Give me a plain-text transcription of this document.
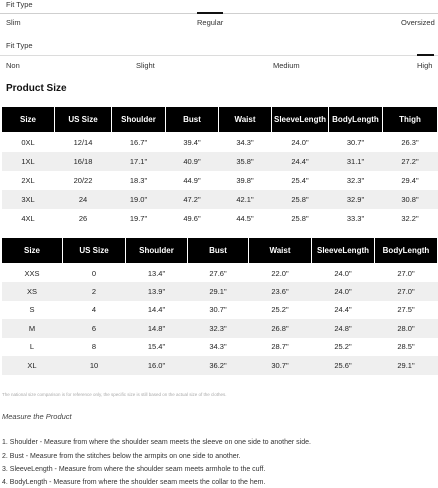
Fit Type
Slim	Regular	Oversized
Fit Type
Non	Slight	Medium	High
Product Size
Size	US Size	Shoulder	Bust	Waist	SleeveLength	BodyLength	Thigh
0XL	12/14	16.7"	39.4"	34.3"	24.0"	30.7"	26.3"
1XL	16/18	17.1"	40.9"	35.8"	24.4"	31.1"	27.2"
2XL	20/22	18.3"	44.9"	39.8"	25.4"	32.3"	29.4"
3XL	24	19.0"	47.2"	42.1"	25.8"	32.9"	30.8"
4XL	26	19.7"	49.6"	44.5"	25.8"	33.3"	32.2"
Size	US Size	Shoulder	Bust	Waist	SleeveLength	BodyLength
XXS	0	13.4"	27.6"	22.0"	24.0"	27.0"
XS	2	13.9"	29.1"	23.6"	24.0"	27.0"
S	4	14.4"	30.7"	25.2"	24.4"	27.5"
M	6	14.8"	32.3"	26.8"	24.8"	28.0"
L	8	15.4"	34.3"	28.7"	25.2"	28.5"
XL	10	16.0"	36.2"	30.7"	25.6"	29.1"
The national size comparison is for reference only, the specific size is still based on the actual size of the clothes.
Measure the Product
1. Shoulder - Measure from where the shoulder seam meets the sleeve on one side to another side.
2. Bust - Measure from the stitches below the armpits on one side to another.
3. SleeveLength - Measure from where the shoulder seam meets armhole to the cuff.
4. BodyLength - Measure from where the shoulder seam meets the collar to the hem.
